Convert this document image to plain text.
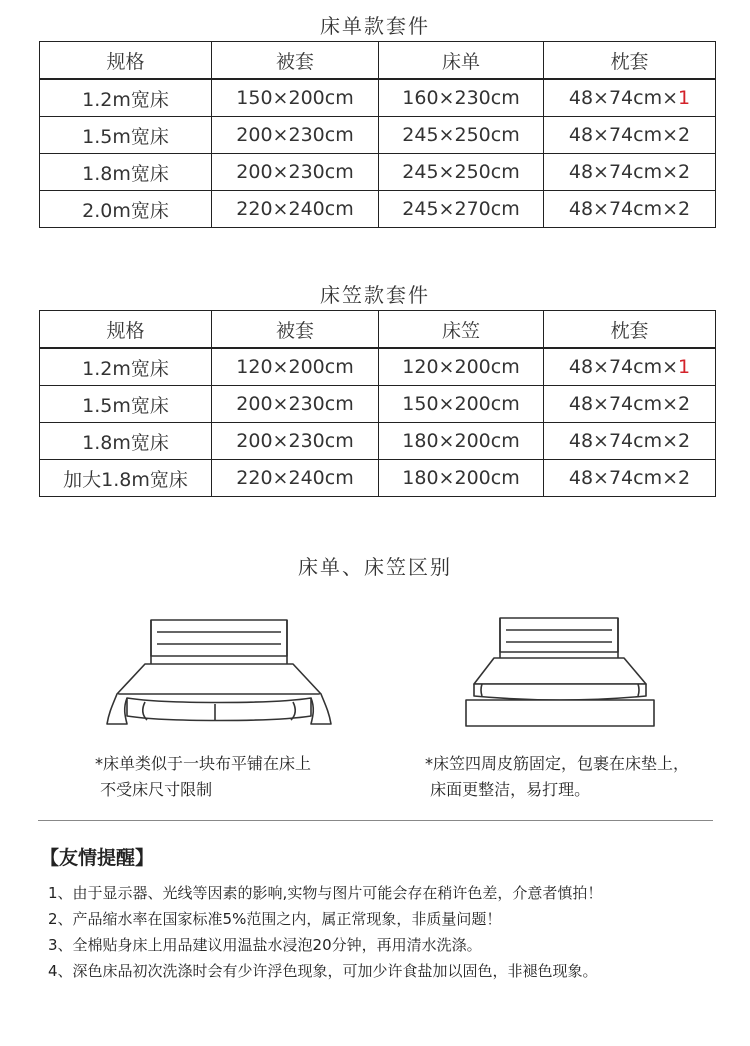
床单款套件
规格	被套	床单	枕套
1.2m宽床	150×200cm	160×230cm	48×74cm×1
1.5m宽床	200×230cm	245×250cm	48×74cm×2
1.8m宽床	200×230cm	245×250cm	48×74cm×2
2.0m宽床	220×240cm	245×270cm	48×74cm×2
床笠款套件
规格	被套	床笠	枕套
1.2m宽床	120×200cm	120×200cm	48×74cm×1
1.5m宽床	200×230cm	150×200cm	48×74cm×2
1.8m宽床	200×230cm	180×200cm	48×74cm×2
加大1.8m宽床	220×240cm	180×200cm	48×74cm×2
床单、床笠区别
*床单类似于一块布平铺在床上
不受床尺寸限制
*床笠四周皮筋固定，包裹在床垫上，
床面更整洁，易打理。
【友情提醒】
1、由于显示器、光线等因素的影响,实物与图片可能会存在稍许色差，介意者慎拍！
2、产品缩水率在国家标准5%范围之内，属正常现象，非质量问题！
3、全棉贴身床上用品建议用温盐水浸泡20分钟，再用清水洗涤。
4、深色床品初次洗涤时会有少许浮色现象，可加少许食盐加以固色，非褪色现象。
